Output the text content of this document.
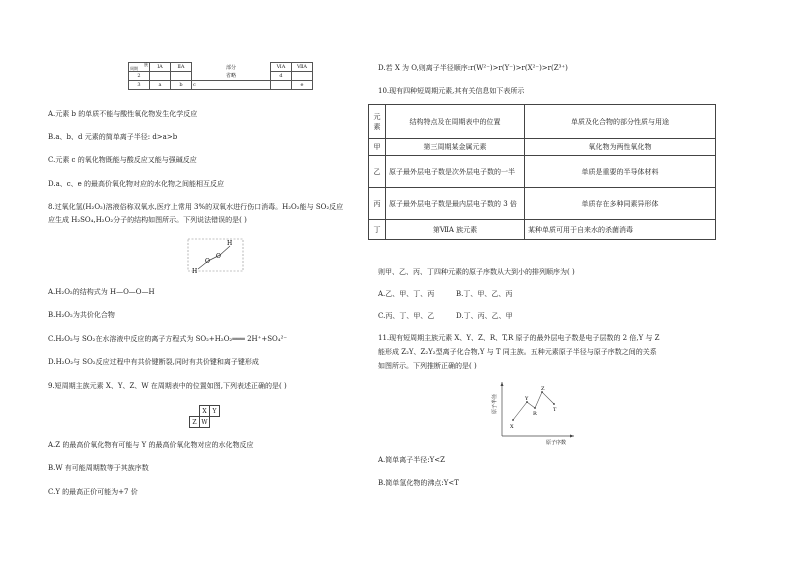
族
周期	ⅠA	ⅡA	部分	ⅥA	ⅦA
2			省略	d	
3	a	b	c		e
A.元素 b 的单质不能与酸性氧化物发生化学反应
B.a、b、d 元素的简单离子半径: d>a>b
C.元素 c 的氧化物既能与酸反应又能与强碱反应
D.a、c、e 的最高价氧化物对应的水化物之间能相互反应
8.过氧化氢(H₂O₂)溶液俗称双氧水,医疗上常用 3%的双氧水进行伤口消毒。H₂O₂能与 SO₂反应
应生成 H₂SO₄,H₂O₂分子的结构如图所示。下列说法错误的是( )
H
O
O
H
A.H₂O₂的结构式为 H—O—O—H
B.H₂O₂为共价化合物
C.H₂O₂与 SO₂在水溶液中反应的离子方程式为 SO₂+H₂O₂═══ 2H⁺+SO₄²⁻
D.H₂O₂与 SO₂反应过程中有共价键断裂,同时有共价键和离子键形成
9.短周期主族元素 X、Y、Z、W 在周期表中的位置如图,下列表述正确的是( )
	X	Y
Z	W	
A.Z 的最高价氧化物有可能与 Y 的最高价氧化物对应的水化物反应
B.W 有可能周期数等于其族序数
C.Y 的最高正价可能为+7 价
D.若 X 为 O,则离子半径顺序:r(W²⁻)>r(Y⁻)>r(X²⁻)>r(Z³⁺)
10.现有四种短周期元素,其有关信息如下表所示
元素	结构特点及在周期表中的位置	单质及化合物的部分性质与用途
甲	第三周期某金属元素	氧化物为两性氧化物
乙	原子最外层电子数是次外层电子数的一半	单质是重要的半导体材料
丙	原子最外层电子数是最内层电子数的 3 倍	单质存在多种同素异形体
丁	第ⅦA 族元素	某种单质可用于自来水的杀菌消毒
则甲、乙、丙、丁四种元素的原子序数从大到小的排列顺序为( )
A.乙、甲、丁、丙	B.丁、甲、乙、丙
C.丙、丁、甲、乙	D.丁、丙、乙、甲
11.现有短周期主族元素 X、Y、Z、R、T,R 原子的最外层电子数是电子层数的 2 倍,Y 与 Z
能形成 Z₂Y、Z₂Y₂型离子化合物,Y 与 T 同主族。五种元素原子半径与原子序数之间的关系
如图所示。下列推断正确的是( )
原子半径
原子序数
X
Y
Z
R
T
A.简单离子半径:Y<Z
B.简单氢化物的沸点:Y<T
